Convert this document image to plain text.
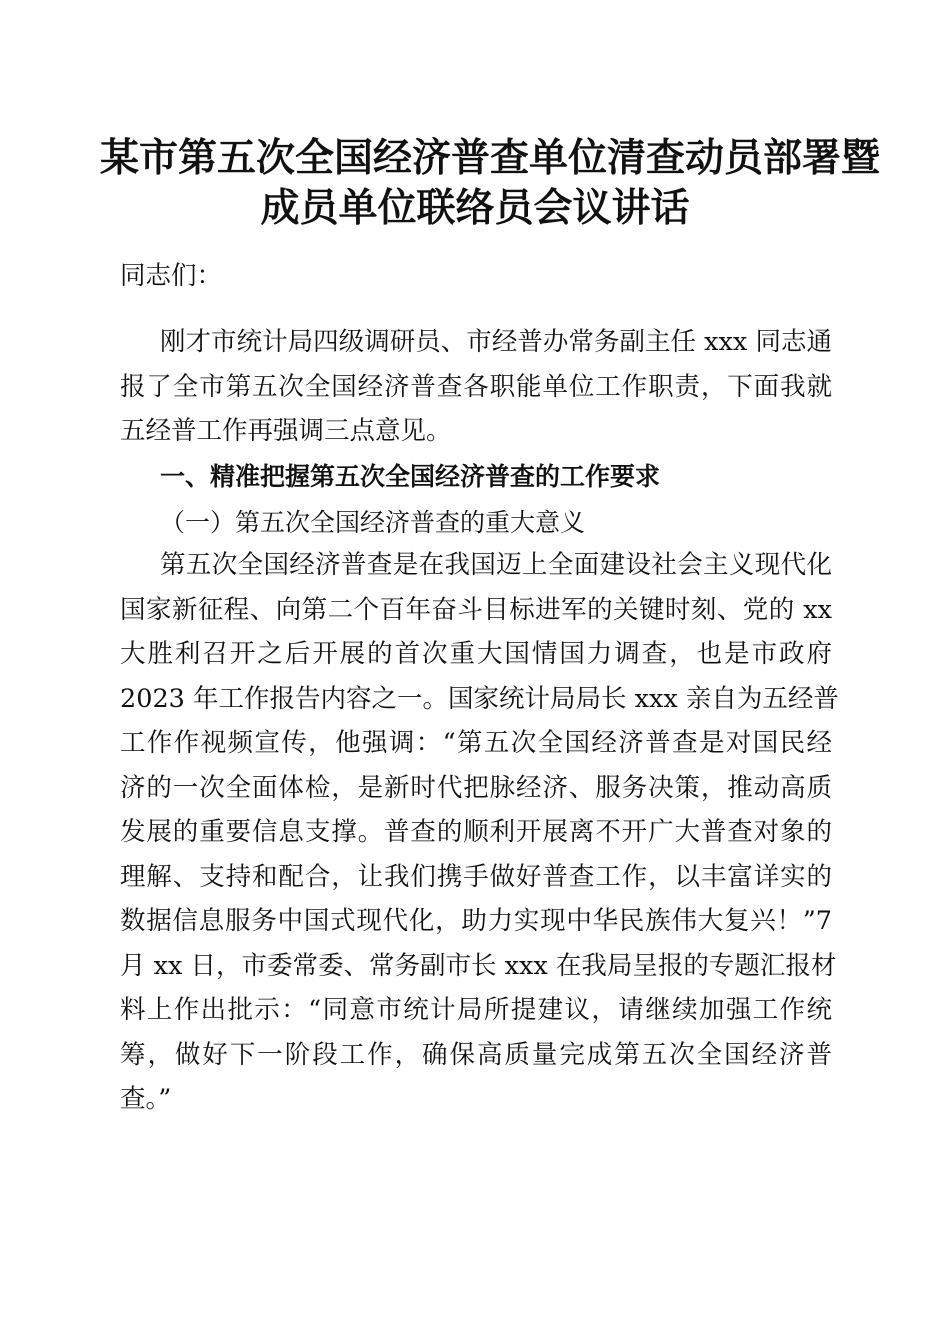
某市第五次全国经济普查单位清查动员部署暨
成员单位联络员会议讲话
同志们：
刚才市统计局四级调研员、市经普办常务副主任 xxx 同志通
报了全市第五次全国经济普查各职能单位工作职责，下面我就
五经普工作再强调三点意见。
一、精准把握第五次全国经济普查的工作要求
（一）第五次全国经济普查的重大意义
第五次全国经济普查是在我国迈上全面建设社会主义现代化
国家新征程、向第二个百年奋斗目标进军的关键时刻、党的 xx
大胜利召开之后开展的首次重大国情国力调查，也是市政府
2023 年工作报告内容之一。国家统计局局长 xxx 亲自为五经普
工作作视频宣传，他强调：“第五次全国经济普查是对国民经
济的一次全面体检，是新时代把脉经济、服务决策，推动高质
发展的重要信息支撑。普查的顺利开展离不开广大普查对象的
理解、支持和配合，让我们携手做好普查工作，以丰富详实的
数据信息服务中国式现代化，助力实现中华民族伟大复兴！”7
月 xx 日，市委常委、常务副市长 xxx 在我局呈报的专题汇报材
料上作出批示：“同意市统计局所提建议，请继续加强工作统
筹，做好下一阶段工作，确保高质量完成第五次全国经济普
查。”
